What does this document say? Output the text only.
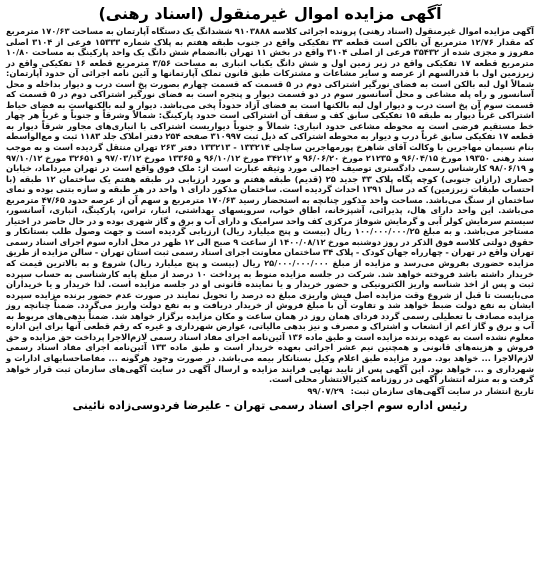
آگهی مزایده اموال غیرمنقول (اسناد رهنی)

آگهی مزایده اموال غیرمنقول (اسناد رهنی) پرونده اجرائی کلاسه ۹۱۰۳۸۸۸ ششدانگ یک دستگاه آپارتمان به مساحت ۱۷۰/۶۳ مترمربع که مقدار ۱۲/۷۶ مترمربع آن بالکن است قطعه ۳۳ تفکیکی واقع در جنوب طبقه هفتم به پلاک شماره ۱۵۳۳۳ فرعی از ۳۱۰۴ اصلی مفروز و مجزی شده از ۳۵۴۳۲ فرعی از اصلی ۳۱۰۴ واقع در بخش ۱۱ تهران باانضمام شش دانگ یک واحد پارکینگ به مساحت ۱۰/۸۰ مترمربع قطعه ۱۷ تفکیکی واقع در زیر زمین اول و شش دانگ یکباب انباری به مساحت ۳/۵۶ مترمربع قطعه ۱۶ تفکیکی واقع در زیرزمین اول با قدرالسهم از عرصه و سایر مشاعات و مشترکات طبق قانون تملک آپارتمانها و آئین نامه اجرائی آن حدود آپارتمان: شمالاً اول لبه بالکن است به فضای نورگیر اشتراکی دوم در ۵ قسمت که قسمت چهارم بصورت پخ است درب و دیوار بداخله و محل آسانسور و راه پله مشاعی و محل آسانسور سوم در دو قسمت دیوار و پنجره است به فضای نورگیر اشتراکی دوم در ۵ قسمت که قسمت سوم آن پخ است درب و دیوار اول لبه بالکنها است به فضای آزاد حدوداً پخی می‌باشد. دیوار و لبه بالکنهاست به فضای حیاط اشتراکی غرباً دیوار به طبقه ۱۵ تفکیکی سابق کف و سقف آن اشتراکی است حدود پارکینگ: شمالاً وشرقاً و جنوباً و غرباً هر چهار خط مستقیم فرضی است به محوطه مشاعی حدود انباری: شمالاً و جنوباً دیواریست اشتراکی با انباری‌های مجاور شرقاً دیوار به قطعه ۱۷ تفکیکی سابق غرباً درب و دیوار به محوطه اشتراکی که ذیل ثبت ۳۱۰۹۹۷ صفحه ۲۵۴ دفتر املاک جلد ۱۱۸۳ ثبت و مع‌الواسطه بنام نسیمان مهاجرین با وکالت آقای شاهرخ پورمهاجرین ساچلی ۱۳۳۲۱۴ - ۱۳۳۲۱۳ دفتر ۲۶۳ تهران منتقل گردیده است و به موجب سند رهنی ۱۹۳۵۰ مورخ ۹۶/۰۴/۱۵ و ۲۱۲۳۵ مورخ ۹۶/۰۶/۲۰ و ۳۴۲۱۲ مورخ ۹۶/۱۰/۱۲ و ۱۳۳۶۵ مورخ ۹۷/۰۳/۱۲ و ۳۲۶۵۱ مورخ ۹۷/۱۰/۱۲ و ۹۸/۰۶/۱۹ کارشناس رسمی دادگستری توصیف اجمالی مورد وثیقه عبارت است از: ملک فوق واقع است در تهران میرداماد، خیابان حصاری (رازان جنوبی) کوچه پگاه پلاک ۳۳ جدید ۲۵ (قدیم) طبقه هفتم و مورد ارزیابی در طبقه هفتم یک ساختمان ۱۲ طبقه (با احتساب طبقات زیرزمین) که در سال ۱۳۹۱ احداث گردیده است. ساختمان مذکور دارای ۱ واحد در هر طبقه و سازه بتنی بوده و نمای ساختمان از سنگ می‌باشد. مساحت واحد مذکور چنانچه به استحضار رسید ۱۷۰/۶۳ مترمربع و سهم آن از عرصه حدود ۴۷/۶۵ مترمربع می‌باشد. این واحد دارای هال، پذیرائی، آشپزخانه، اطاق خواب، سرویسهای بهداشتی، انبار، تراس، پارکینگ، انباری، آسانسور، سیستم سرمایش کولر آبی و گرمایش شوفاژ مرکزی کف واحد سرامیک و دارای آب و برق و گاز شهری بوده و در حال حاضر در اختیار مستاجر می‌باشد. و به مبلغ ۱۰۰/۰۰۰/۰۰۰/۲۵ ریال (بیست و پنج میلیارد ریال) ارزیابی گردیده است و جهت وصول طلب بستانکار و حقوق دولتی کلاسه فوق الذکر در روز دوشنبه مورخ ۱۴۰۰/۰۸/۱۲ از ساعت ۹ صبح الی ۱۲ ظهر در محل اداره سوم اجرای اسناد رسمی تهران واقع در تهران - چهارراه جهان کودک - پلاک ۳۴ ساختمان معاونت اجرای اسناد رسمی ثبت استان تهران - سالن مزایده از طریق مزایده حضوری بفروش می‌رسد و مزایده از مبلغ ۲۵/۰۰۰/۰۰۰/۰۰۰ ریال (بیست و پنج میلیارد ریال) شروع و به بالاترین قیمت که خریدار داشته باشد فروخته خواهد شد. شرکت در جلسه مزایده منوط به پرداخت ۱۰ درصد از مبلغ پایه کارشناسی به حساب سپرده ثبت و پس از اخذ شناسه واریز الکترونیکی و حضور خریدار و یا نماینده قانونی او در جلسه مزایده است. لذا خریدار و یا خریداران می‌بایست تا قبل از شروع وقت مزایده اصل فیش واریزی مبلغ ده درصد را تحویل نمایند در صورت عدم حضور برنده مزایده سپرده ایشان به نفع دولت ضبط خواهد شد و تفاوت آن با مبلغ فروش از خریدار دریافت و به نفع دولت واریز می‌گردد. ضمناً چنانچه روز مزایده مصادف با تعطیلی رسمی گردد فردای همان روز در همان ساعت و مکان مزایده برگزار خواهد شد. ضمناً بدهی‌های مربوط به آب و برق و گاز اعم از انشعاب و اشتراک و مصرف و نیز بدهی مالیاتی، عوارض شهرداری و غیره که رقم قطعی آنها برای این اداره معلوم نشده است به عهده برنده مزایده است و طبق ماده ۱۳۶ آئین‌نامه اجرای مفاد اسناد رسمی لازم‌الاجرا پرداخت حق مزایده و حق فروش و هزینه‌های قانونی و همچنین نیم عشر اجرائی بعهده خریدار است و طبق ماده ۱۳۳ آئین‌نامه اجرای مفاد اسناد رسمی لازم‌الاجرا ... خواهد بود. مورد مزایده طبق اعلام وکیل بستانکار بیمه می‌باشد. در صورت وجود هرگونه ... مفاصاحسابهای ادارات و شهرداری و ... خواهد بود. این آگهی پس از تایید نهایی فرایند مزایده و ارسال آگهی در سایت آگهی‌های سازمان ثبت قرار خواهد گرفت و به منزله انتشار آگهی در روزنامه کثیرالانتشار محلی است.

تاریخ انتشار در سایت آگهی‌های سازمان ثبت: ۹۹/۰۷/۲۹

رئیس اداره سوم اجرای اسناد رسمی تهران - علیرضا فردوسی‌زاده نائینی
